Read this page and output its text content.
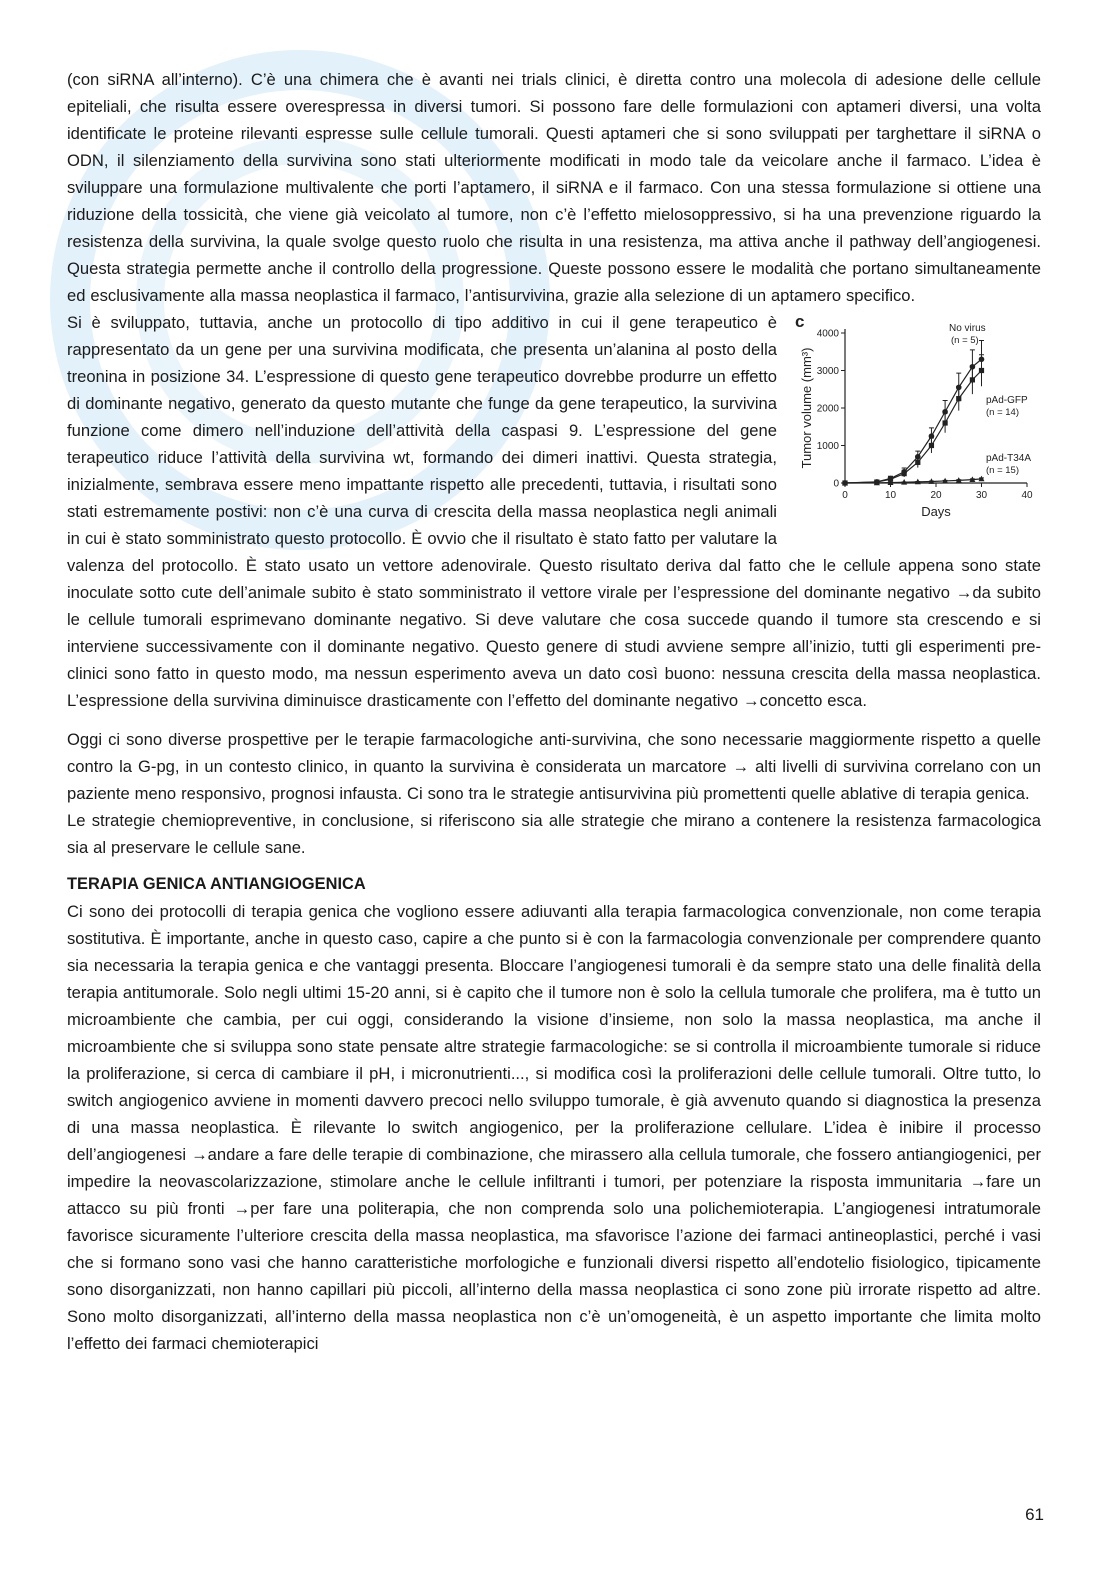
(con siRNA all’interno). C’è una chimera che è avanti nei trials clinici, è diretta contro una molecola di adesione delle cellule epiteliali, che risulta essere overespressa in diversi tumori. Si possono fare delle formulazioni con aptameri diversi, una volta identificate le proteine rilevanti espresse sulle cellule tumorali. Questi aptameri che si sono sviluppati per targhettare il siRNA o ODN, il silenziamento della survivina sono stati ulteriormente modificati in modo tale da veicolare anche il farmaco. L’idea è sviluppare una formulazione multivalente che porti l’aptamero, il siRNA e il farmaco. Con una stessa formulazione si ottiene una riduzione della tossicità, che viene già veicolato al tumore, non c’è l’effetto mielosoppressivo, si ha una prevenzione riguardo la resistenza della survivina, la quale svolge questo ruolo che risulta in una resistenza, ma attiva anche il pathway dell’angiogenesi. Questa strategia permette anche il controllo della progressione. Queste possono essere le modalità che portano simultaneamente ed esclusivamente alla massa neoplastica il farmaco, l’antisurvivina, grazie alla selezione di un aptamero specifico.

c
0
1000
2000
3000
4000
0	10	20	30	40
Days
Tumor volume (mm³)
No virus
(n = 5)
pAd-GFP
(n = 14)
pAd-T34A
(n = 15)

Si è sviluppato, tuttavia, anche un protocollo di tipo additivo in cui il gene terapeutico è rappresentato da un gene per una survivina modificata, che presenta un’alanina al posto della treonina in posizione 34. L’espressione di questo gene terapeutico dovrebbe produrre un effetto di dominante negativo, generato da questo mutante che funge da gene terapeutico, la survivina funzione come dimero nell’induzione dell’attività della caspasi 9. L’espressione del gene terapeutico riduce l’attività della survivina wt, formando dei dimeri inattivi. Questa strategia, inizialmente, sembrava essere meno impattante rispetto alle precedenti, tuttavia, i risultati sono stati estremamente postivi: non c’è una curva di crescita della massa neoplastica negli animali in cui è stato somministrato questo protocollo. È ovvio che il risultato è stato fatto per valutare la valenza del protocollo. È stato usato un vettore adenovirale. Questo risultato deriva dal fatto che le cellule appena sono state inoculate sotto cute dell’animale subito è stato somministrato il vettore virale per l’espressione del dominante negativo →da subito le cellule tumorali esprimevano dominante negativo. Si deve valutare che cosa succede quando il tumore sta crescendo e si interviene successivamente con il dominante negativo. Questo genere di studi avviene sempre all’inizio, tutti gli esperimenti pre-clinici sono fatto in questo modo, ma nessun esperimento aveva un dato così buono: nessuna crescita della massa neoplastica. L’espressione della survivina diminuisce drasticamente con l’effetto del dominante negativo →concetto esca.

Oggi ci sono diverse prospettive per le terapie farmacologiche anti-survivina, che sono necessarie maggiormente rispetto a quelle contro la G-pg, in un contesto clinico, in quanto la survivina è considerata un marcatore → alti livelli di survivina correlano con un paziente meno responsivo, prognosi infausta. Ci sono tra le strategie antisurvivina più promettenti quelle ablative di terapia genica.

Le strategie chemiopreventive, in conclusione, si riferiscono sia alle strategie che mirano a contenere la resistenza farmacologica sia al preservare le cellule sane.

TERAPIA GENICA ANTIANGIOGENICA

Ci sono dei protocolli di terapia genica che vogliono essere adiuvanti alla terapia farmacologica convenzionale, non come terapia sostitutiva. È importante, anche in questo caso, capire a che punto si è con la farmacologia convenzionale per comprendere quanto sia necessaria la terapia genica e che vantaggi presenta. Bloccare l’angiogenesi tumorali è da sempre stato una delle finalità della terapia antitumorale. Solo negli ultimi 15-20 anni, si è capito che il tumore non è solo la cellula tumorale che prolifera, ma è tutto un microambiente che cambia, per cui oggi, considerando la visione d’insieme, non solo la massa neoplastica, ma anche il microambiente che si sviluppa sono state pensate altre strategie farmacologiche: se si controlla il microambiente tumorale si riduce la proliferazione, si cerca di cambiare il pH, i micronutrienti..., si modifica così la proliferazioni delle cellule tumorali. Oltre tutto, lo switch angiogenico avviene in momenti davvero precoci nello sviluppo tumorale, è già avvenuto quando si diagnostica la presenza di una massa neoplastica. È rilevante lo switch angiogenico, per la proliferazione cellulare. L’idea è inibire il processo dell’angiogenesi →andare a fare delle terapie di combinazione, che mirassero alla cellula tumorale, che fossero antiangiogenici, per impedire la neovascolarizzazione, stimolare anche le cellule infiltranti i tumori, per potenziare la risposta immunitaria →fare un attacco su più fronti →per fare una politerapia, che non comprenda solo una polichemioterapia. L’angiogenesi intratumorale favorisce sicuramente l’ulteriore crescita della massa neoplastica, ma sfavorisce l’azione dei farmaci antineoplastici, perché i vasi che si formano sono vasi che hanno caratteristiche morfologiche e funzionali diversi rispetto all’endotelio fisiologico, tipicamente sono disorganizzati, non hanno capillari più piccoli, all’interno della massa neoplastica ci sono zone più irrorate rispetto ad altre. Sono molto disorganizzati, all’interno della massa neoplastica non c’è un’omogeneità, è un aspetto importante che limita molto l’effetto dei farmaci chemioterapici

61
